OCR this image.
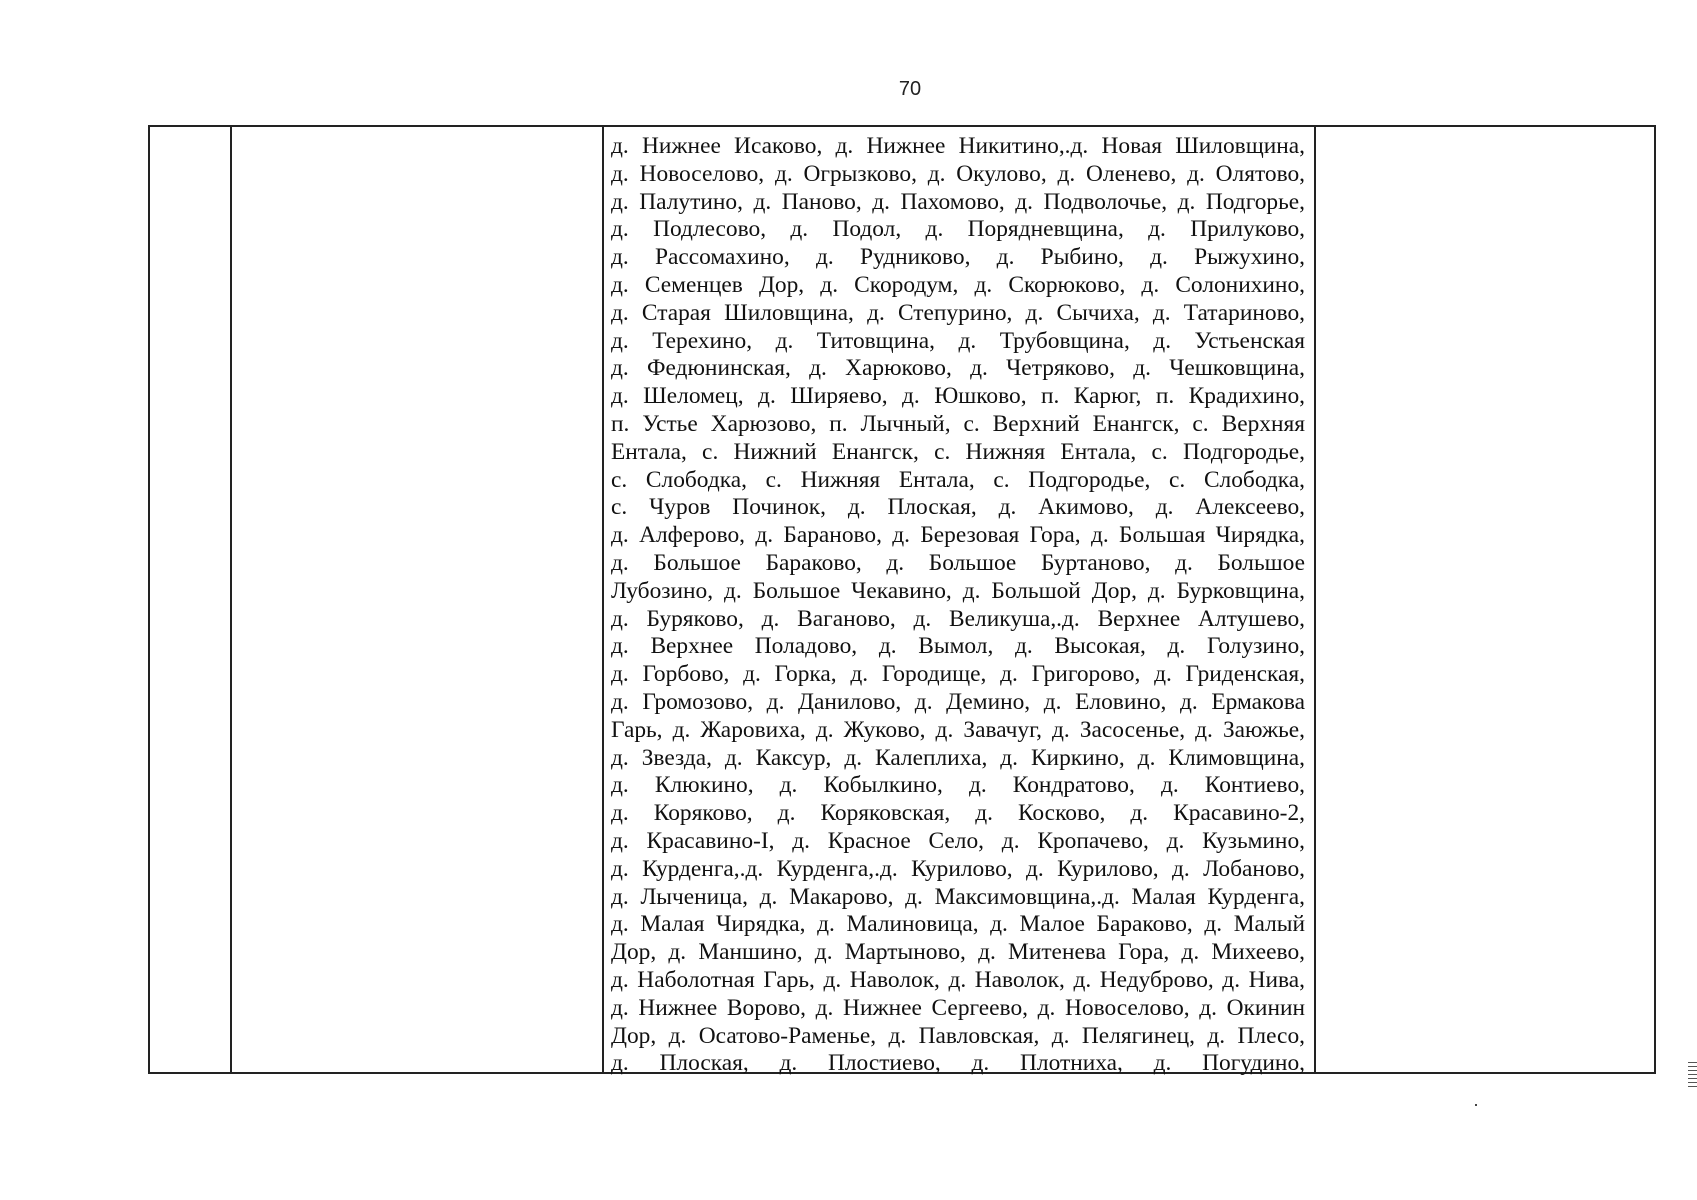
70
д. Нижнее Исаково, д. Нижнее Никитино,.д. Новая Шиловщина,
д. Новоселово, д. Огрызково, д. Окулово, д. Оленево, д. Олятово,
д. Палутино, д. Паново, д. Пахомово, д. Подволочье, д. Подгорье,
д. Подлесово, д. Подол, д. Порядневщина, д. Прилуково,
д. Рассомахино, д. Рудниково, д. Рыбино, д. Рыжухино,
д. Семенцев Дор, д. Скородум, д. Скорюково, д. Солонихино,
д. Старая Шиловщина, д. Степурино, д. Сычиха, д. Татариново,
д. Терехино, д. Титовщина, д. Трубовщина, д. Устьенская
д. Федюнинская, д. Харюково, д. Четряково, д. Чешковщина,
д. Шеломец, д. Ширяево, д. Юшково, п. Карюг, п. Крадихино,
п. Устье Харюзово, п. Лычный, с. Верхний Енангск, с. Верхняя
Ентала, с. Нижний Енангск, с. Нижняя Ентала, с. Подгородье,
с. Слободка, с. Нижняя Ентала, с. Подгородье, с. Слободка,
с. Чуров Починок, д. Плоская, д. Акимово, д. Алексеево,
д. Алферово, д. Бараново, д. Березовая Гора, д. Большая Чирядка,
д. Большое Бараково, д. Большое Буртаново, д. Большое
Лубозино, д. Большое Чекавино, д. Большой Дор, д. Бурковщина,
д. Буряково, д. Ваганово, д. Великуша,.д. Верхнее Алтушево,
д. Верхнее Поладово, д. Вымол, д. Высокая, д. Голузино,
д. Горбово, д. Горка, д. Городище, д. Григорово, д. Гриденская,
д. Громозово, д. Данилово, д. Демино, д. Еловино, д. Ермакова
Гарь, д. Жаровиха, д. Жуково, д. Завачуг, д. Засосенье, д. Заюжье,
д. Звезда, д. Каксур, д. Калеплиха, д. Киркино, д. Климовщина,
д. Клюкино, д. Кобылкино, д. Кондратово, д. Контиево,
д. Коряково, д. Коряковская, д. Косково, д. Красавино-2,
д. Красавино-I, д. Красное Село, д. Кропачево, д. Кузьмино,
д. Курденга,.д. Курденга,.д. Курилово, д. Курилово, д. Лобаново,
д. Лыченица, д. Макарово, д. Максимовщина,.д. Малая Курденга,
д. Малая Чирядка, д. Малиновица, д. Малое Бараково, д. Малый
Дор, д. Маншино, д. Мартыново, д. Митенева Гора, д. Михеево,
д. Наболотная Гарь, д. Наволок, д. Наволок, д. Недуброво, д. Нива,
д. Нижнее Ворово, д. Нижнее Сергеево, д. Новоселово, д. Окинин
Дор, д. Осатово-Раменье, д. Павловская, д. Пелягинец, д. Плесо,
д. Плоская, д. Плостиево, д. Плотниха, д. Погудино,
